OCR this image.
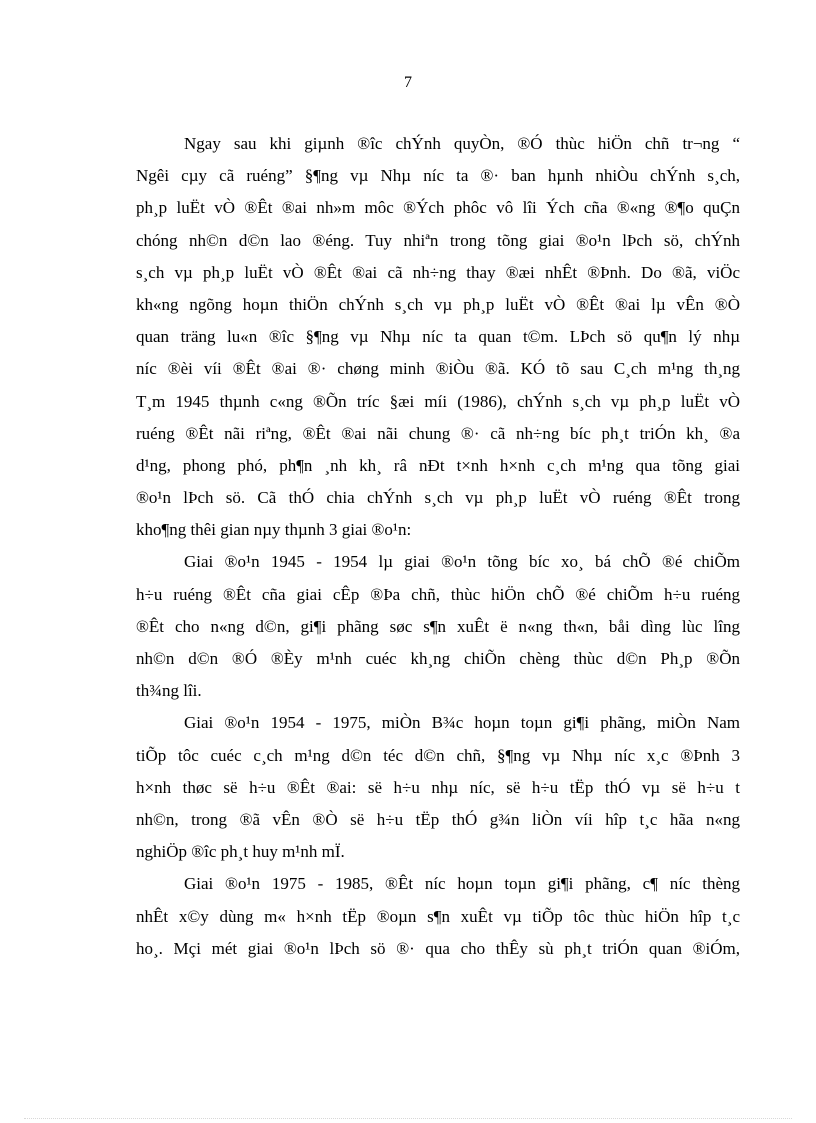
7
Ngay sau khi giµnh ®îc chÝnh quyÒn, ®Ó thùc hiÖn chñ tr¬ng “
Ngêi cµy cã ruéng” §¶ng vµ Nhµ níc ta ®· ban hµnh nhiÒu chÝnh s¸ch,
ph¸p luËt vÒ ®Êt ®ai nh»m môc ®Ých phôc vô lîi Ých cña ®«ng ®¶o quÇn
chóng nh©n d©n lao ®éng. Tuy nhiªn trong tõng giai ®o¹n lÞch sö, chÝnh
s¸ch vµ ph¸p luËt vÒ ®Êt ®ai cã nh÷ng thay ®æi nhÊt ®Þnh. Do ®ã, viÖc
kh«ng ngõng hoµn thiÖn chÝnh s¸ch vµ ph¸p luËt vÒ ®Êt ®ai lµ vÊn ®Ò
quan träng lu«n ®îc §¶ng vµ Nhµ níc ta quan t©m. LÞch sö qu¶n lý nhµ
níc ®èi víi ®Êt ®ai ®· chøng minh ®iÒu ®ã. KÓ tõ sau C¸ch m¹ng th¸ng
T¸m 1945 thµnh c«ng ®Õn tríc §æi míi (1986), chÝnh s¸ch vµ ph¸p luËt vÒ
ruéng ®Êt nãi riªng, ®Êt ®ai nãi chung ®· cã nh÷ng bíc ph¸t triÓn kh¸ ®a
d¹ng, phong phó, ph¶n ¸nh kh¸ râ nÐt t×nh h×nh c¸ch m¹ng qua tõng giai
®o¹n lÞch sö. Cã thÓ chia chÝnh s¸ch vµ ph¸p luËt vÒ ruéng ®Êt trong
kho¶ng thêi gian nµy thµnh 3 giai ®o¹n:
Giai ®o¹n 1945 - 1954 lµ giai ®o¹n tõng bíc xo¸ bá chÕ ®é chiÕm
h÷u ruéng ®Êt cña giai cÊp ®Þa chñ, thùc hiÖn chÕ ®é chiÕm h÷u ruéng
®Êt cho n«ng d©n, gi¶i phãng søc s¶n xuÊt ë n«ng th«n, båi dìng lùc lîng
nh©n d©n ®Ó ®Èy m¹nh cuéc kh¸ng chiÕn chèng thùc d©n Ph¸p ®Õn
th¾ng lîi.
Giai ®o¹n 1954 - 1975, miÒn B¾c hoµn toµn gi¶i phãng, miÒn Nam
tiÕp tôc cuéc c¸ch m¹ng d©n téc d©n chñ, §¶ng vµ Nhµ níc x¸c ®Þnh 3
h×nh thøc së h÷u ®Êt ®ai: së h÷u nhµ níc, së h÷u tËp thÓ vµ së h÷u t
nh©n, trong ®ã vÊn ®Ò së h÷u tËp thÓ g¾n liÒn víi hîp t¸c hãa n«ng
nghiÖp ®îc ph¸t huy m¹nh mÏ.
Giai ®o¹n 1975 - 1985, ®Êt níc hoµn toµn gi¶i phãng, c¶ níc thèng
nhÊt x©y dùng m« h×nh tËp ®oµn s¶n xuÊt vµ tiÕp tôc thùc hiÖn hîp t¸c
ho¸. Mçi mét giai ®o¹n lÞch sö ®· qua cho thÊy sù ph¸t triÓn quan ®iÓm,
